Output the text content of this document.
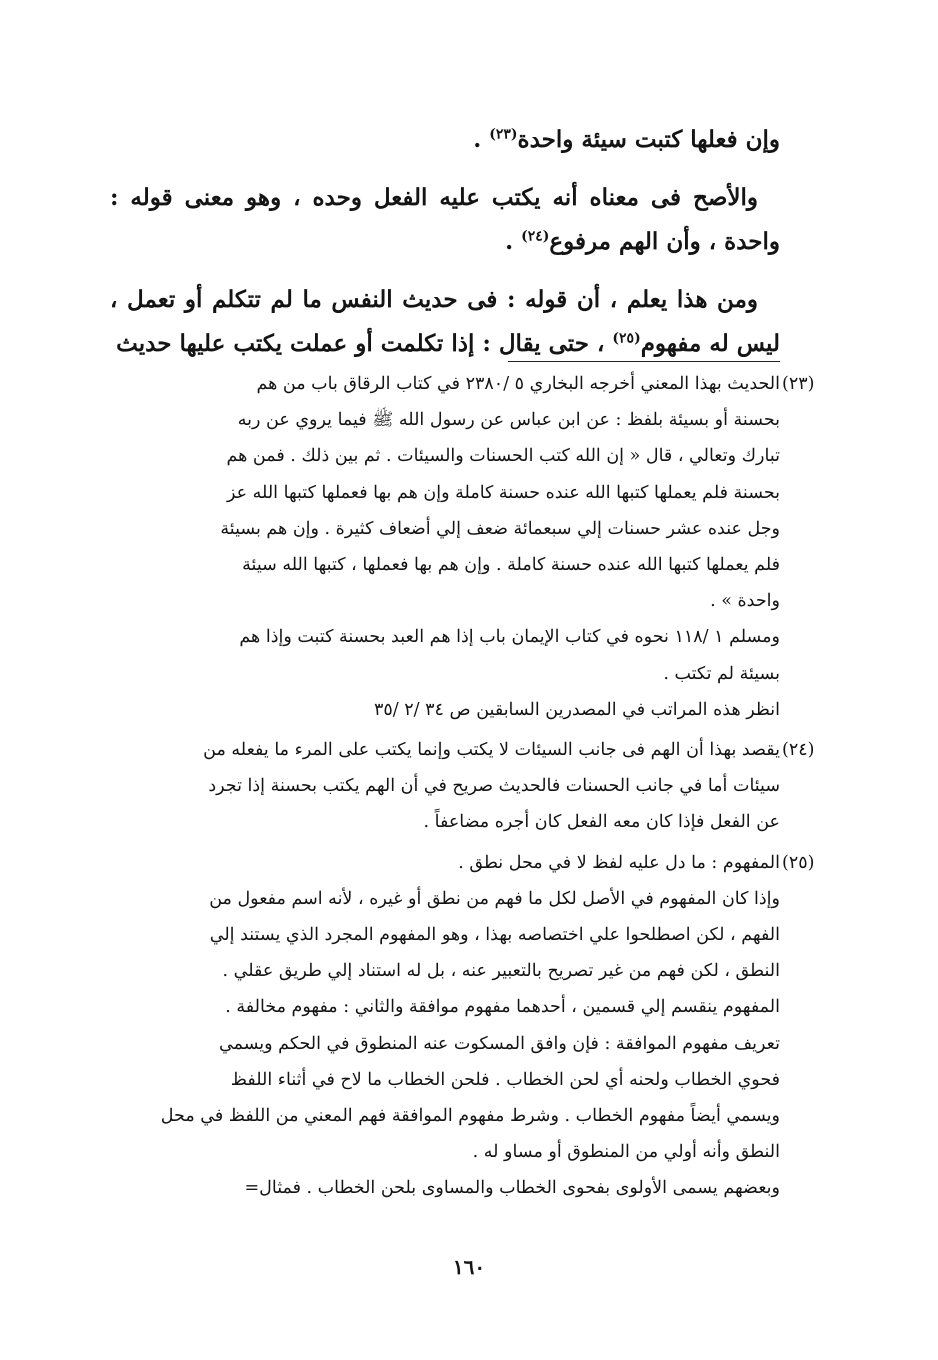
وإن فعلها كتبت سيئة واحدة$^{(٢٣)}$ .

والأصح فى معناه أنه يكتب عليه الفعل وحده ، وهو معنى قوله : واحدة ، وأن الهم مرفوع$^{(٢٤)}$ .

ومن هذا يعلم ، أن قوله : فى حديث النفس ما لم تتكلم أو تعمل ، ليس له مفهوم$^{(٢٥)}$ ، حتى يقال : إذا تكلمت أو عملت يكتب عليها حديث

(٢٣)

الحديث بهذا المعني أخرجه البخاري ٥ /٢٣٨٠ في كتاب الرقاق باب من هم

بحسنة أو بسيئة بلفظ : عن ابن عباس عن رسول الله ﷺ فيما يروي عن ربه

تبارك وتعالي ، قال « إن الله كتب الحسنات والسيئات . ثم بين ذلك . فمن هم

بحسنة فلم يعملها كتبها الله عنده حسنة كاملة وإن هم بها فعملها كتبها الله عز

وجل عنده عشر حسنات إلي سبعمائة ضعف إلي أضعاف كثيرة . وإن هم بسيئة

فلم يعملها كتبها الله عنده حسنة كاملة . وإن هم بها فعملها ، كتبها الله سيئة

واحدة » .

ومسلم ١ /١١٨ نحوه في كتاب الإيمان باب إذا هم العبد بحسنة كتبت وإذا هم

بسيئة لم تكتب .

انظر هذه المراتب في المصدرين السابقين ص ٣٤ /٢ /٣٥

(٢٤)

يقصد بهذا أن الهم فى جانب السيئات لا يكتب وإنما يكتب على المرء ما يفعله من

سيئات أما في جانب الحسنات فالحديث صريح في أن الهم يكتب بحسنة إذا تجرد

عن الفعل فإذا كان معه الفعل كان أجره مضاعفاً .

(٢٥)

المفهوم : ما دل عليه لفظ لا في محل نطق .

وإذا كان المفهوم في الأصل لكل ما فهم من نطق أو غيره ، لأنه اسم مفعول من

الفهم ، لكن اصطلحوا علي اختصاصه بهذا ، وهو المفهوم المجرد الذي يستند إلي

النطق ، لكن فهم من غير تصريح بالتعبير عنه ، بل له استناد إلي طريق عقلي .

المفهوم ينقسم إلي قسمين ، أحدهما مفهوم موافقة والثاني : مفهوم مخالفة .

تعريف مفهوم الموافقة : فإن وافق المسكوت عنه المنطوق في الحكم ويسمي

فحوي الخطاب ولحنه أي لحن الخطاب . فلحن الخطاب ما لاح في أثناء اللفظ

ويسمي أيضاً مفهوم الخطاب . وشرط مفهوم الموافقة فهم المعني من اللفظ في محل

النطق وأنه أولي من المنطوق أو مساو له .

وبعضهم يسمى الأولوى بفحوى الخطاب والمساوى بلحن الخطاب . فمثال=

١٦٠
